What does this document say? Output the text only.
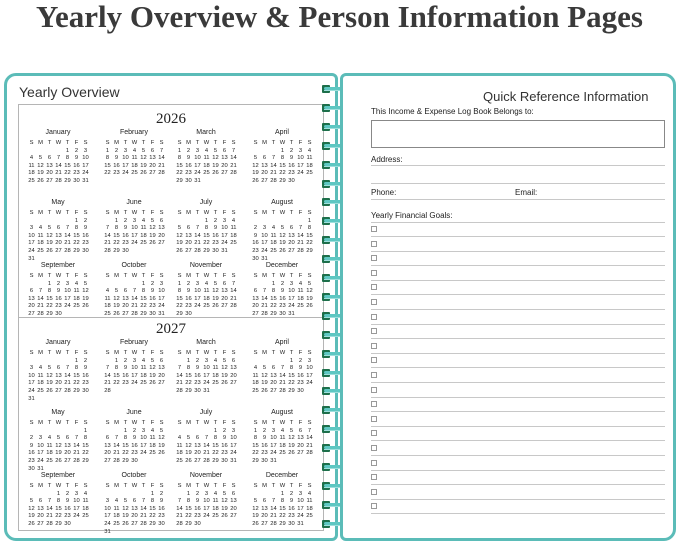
Yearly Overview & Person Information Pages
Yearly Overview
2026
January
S M T W T F S
1 2 3
4 5 6 7 8 9 10
11 12 13 14 15 16 17
18 19 20 21 22 23 24
25 26 27 28 29 30 31
February
S M T W T F S
1 2 3 4 5 6 7
8 9 10 11 12 13 14
15 16 17 18 19 20 21
22 23 24 25 26 27 28
March
S M T W T F S
1 2 3 4 5 6 7
8 9 10 11 12 13 14
15 16 17 18 19 20 21
22 23 24 25 26 27 28
29 30 31
April
S M T W T F S
1 2 3 4
5 6 7 8 9 10 11
12 13 14 15 16 17 18
19 20 21 22 23 24 25
26 27 28 29 30
May
S M T W T F S
1 2
3 4 5 6 7 8 9
10 11 12 13 14 15 16
17 18 19 20 21 22 23
24 25 26 27 28 29 30
31
June
S M T W T F S
1 2 3 4 5 6
7 8 9 10 11 12 13
14 15 16 17 18 19 20
21 22 23 24 25 26 27
28 29 30
July
S M T W T F S
1 2 3 4
5 6 7 8 9 10 11
12 13 14 15 16 17 18
19 20 21 22 23 24 25
26 27 28 29 30 31
August
S M T W T F S
1
2 3 4 5 6 7 8
9 10 11 12 13 14 15
16 17 18 19 20 21 22
23 24 25 26 27 28 29
30 31
September
S M T W T F S
1 2 3 4 5
6 7 8 9 10 11 12
13 14 15 16 17 18 19
20 21 22 23 24 25 26
27 28 29 30
October
S M T W T F S
1 2 3
4 5 6 7 8 9 10
11 12 13 14 15 16 17
18 19 20 21 22 23 24
25 26 27 28 29 30 31
November
S M T W T F S
1 2 3 4 5 6 7
8 9 10 11 12 13 14
15 16 17 18 19 20 21
22 23 24 25 26 27 28
29 30
December
S M T W T F S
1 2 3 4 5
6 7 8 9 10 11 12
13 14 15 16 17 18 19
20 21 22 23 24 25 26
27 28 29 30 31
2027
January
S M T W T F S
1 2
3 4 5 6 7 8 9
10 11 12 13 14 15 16
17 18 19 20 21 22 23
24 25 26 27 28 29 30
31
February
S M T W T F S
1 2 3 4 5 6
7 8 9 10 11 12 13
14 15 16 17 18 19 20
21 22 23 24 25 26 27
28
March
S M T W T F S
1 2 3 4 5 6
7 8 9 10 11 12 13
14 15 16 17 18 19 20
21 22 23 24 25 26 27
28 29 30 31
April
S M T W T F S
1 2 3
4 5 6 7 8 9 10
11 12 13 14 15 16 17
18 19 20 21 22 23 24
25 26 27 28 29 30
May
S M T W T F S
1
2 3 4 5 6 7 8
9 10 11 12 13 14 15
16 17 18 19 20 21 22
23 24 25 26 27 28 29
30 31
June
S M T W T F S
1 2 3 4 5
6 7 8 9 10 11 12
13 14 15 16 17 18 19
20 21 22 23 24 25 26
27 28 29 30
July
S M T W T F S
1 2 3
4 5 6 7 8 9 10
11 12 13 14 15 16 17
18 19 20 21 22 23 24
25 26 27 28 29 30 31
August
S M T W T F S
1 2 3 4 5 6 7
8 9 10 11 12 13 14
15 16 17 18 19 20 21
22 23 24 25 26 27 28
29 30 31
September
S M T W T F S
1 2 3 4
5 6 7 8 9 10 11
12 13 14 15 16 17 18
19 20 21 22 23 24 25
26 27 28 29 30
October
S M T W T F S
1 2
3 4 5 6 7 8 9
10 11 12 13 14 15 16
17 18 19 20 21 22 23
24 25 26 27 28 29 30
31
November
S M T W T F S
1 2 3 4 5 6
7 8 9 10 11 12 13
14 15 16 17 18 19 20
21 22 23 24 25 26 27
28 29 30
December
S M T W T F S
1 2 3 4
5 6 7 8 9 10 11
12 13 14 15 16 17 18
19 20 21 22 23 24 25
26 27 28 29 30 31
Quick Reference Information
This Income & Expense Log Book Belongs to:
Address:
Phone:	Email:
Yearly Financial Goals:
